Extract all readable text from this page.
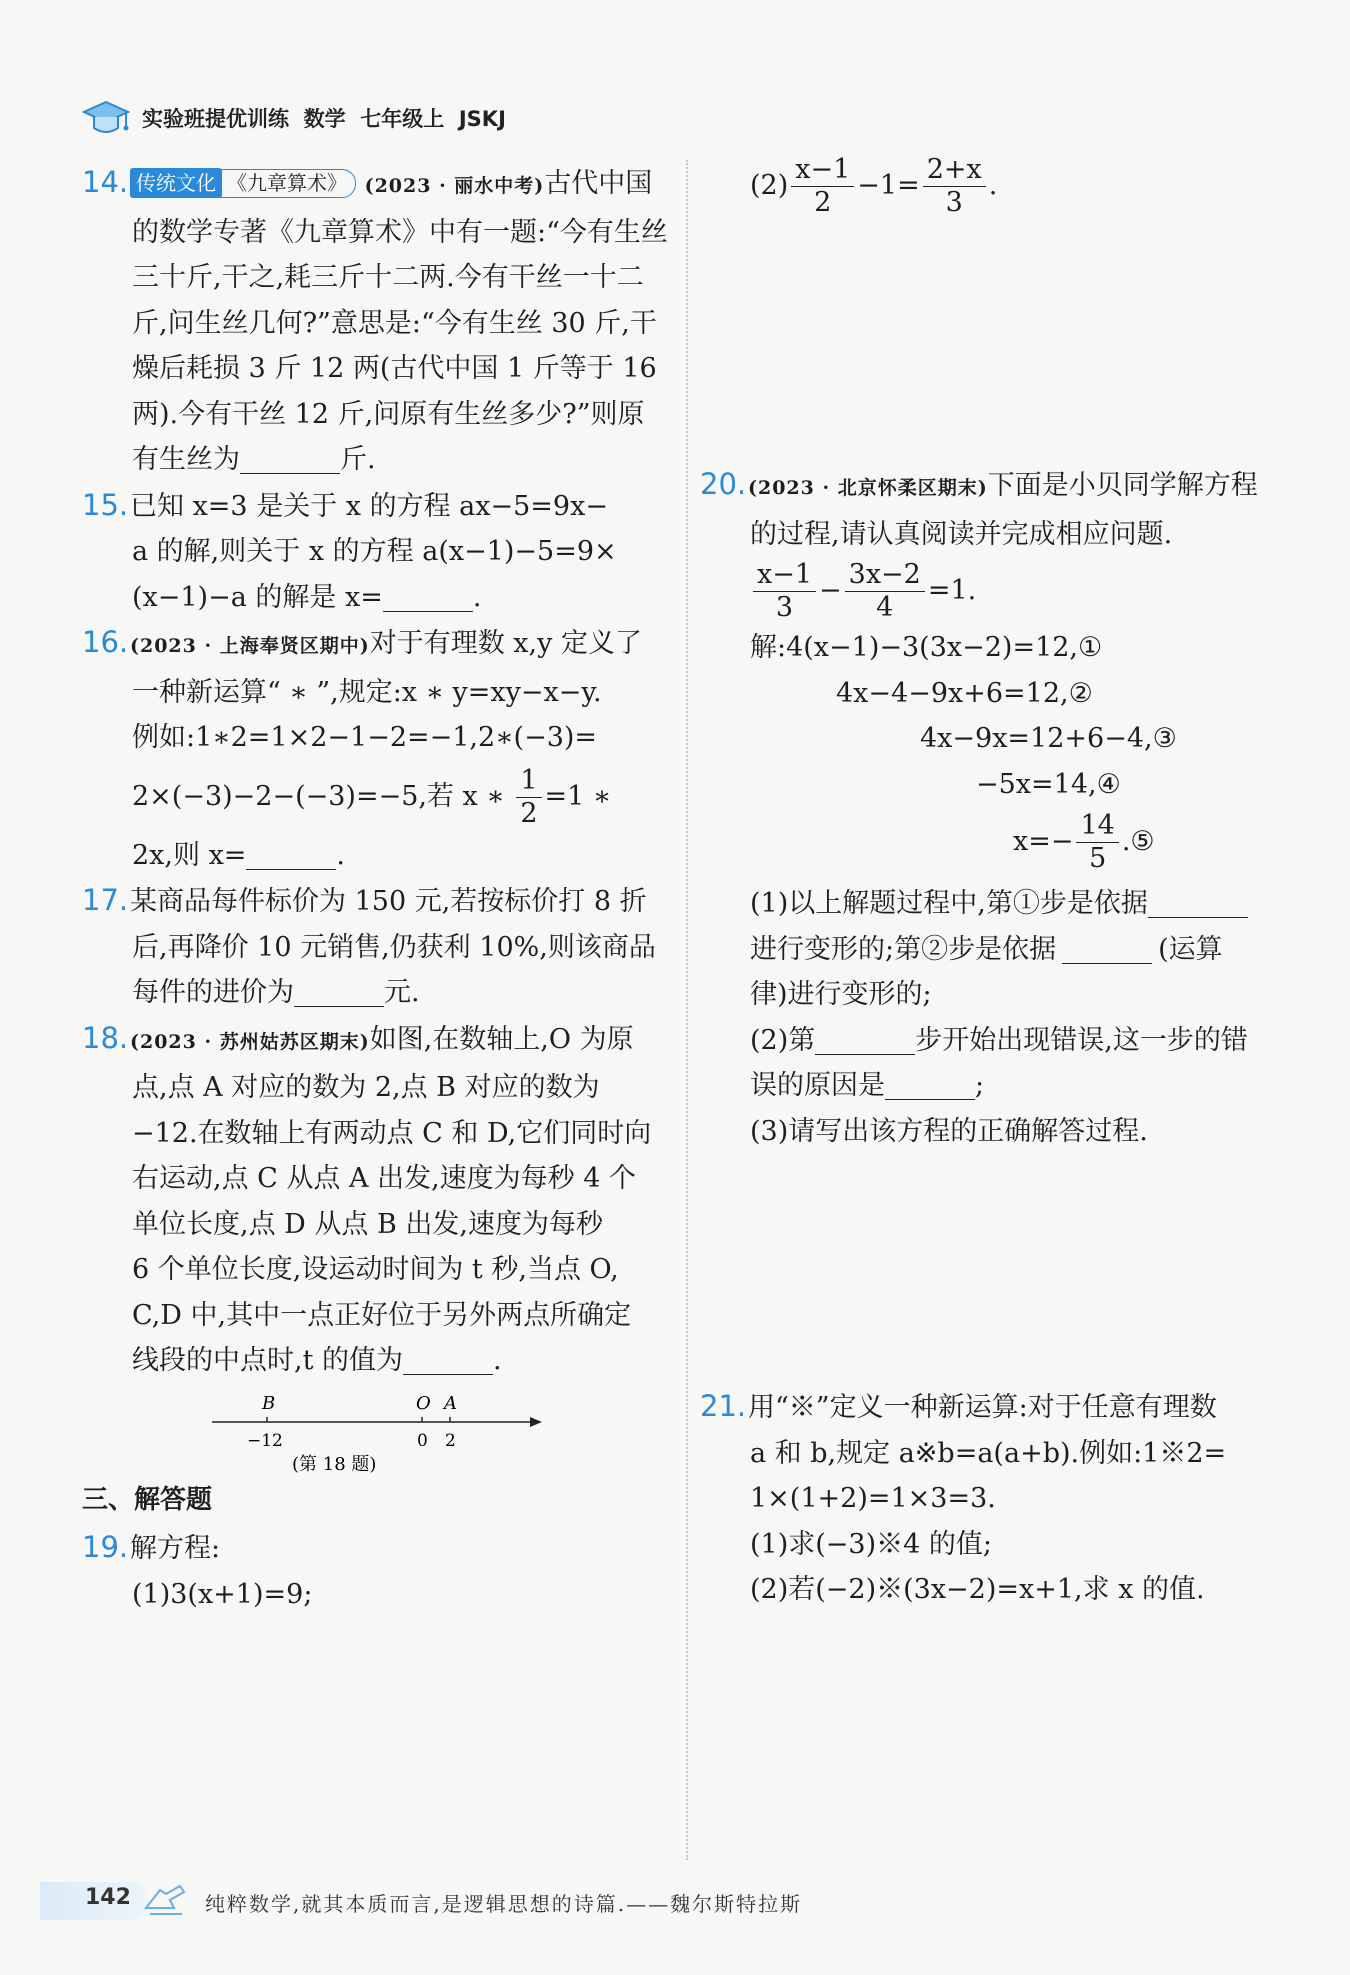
实验班提优训练  数学  七年级上  JSKJ

14. 传统文化 《九章算术》 (2023 · 丽水中考)古代中国

的数学专著《九章算术》中有一题:“今有生丝

三十斤,干之,耗三斤十二两.今有干丝一十二

斤,问生丝几何?”意思是:“今有生丝 30 斤,干

燥后耗损 3 斤 12 两(古代中国 1 斤等于 16

两).今有干丝 12 斤,问原有生丝多少?”则原

有生丝为	斤.

15.已知 x=3 是关于 x 的方程 ax−5=9x−

a 的解,则关于 x 的方程 a(x−1)−5=9×

(x−1)−a 的解是 x=	.

16.(2023 · 上海奉贤区期中)对于有理数 x,y 定义了

一种新运算“ ∗ ”,规定:x ∗ y=xy−x−y.

例如:1∗2=1×2−1−2=−1,2∗(−3)=

2×(−3)−2−(−3)=−5,若 x ∗ $\frac{1}{2} =1$ ∗

2x,则 x=	.

17.某商品每件标价为 150 元,若按标价打 8 折

后,再降价 10 元销售,仍获利 10%,则该商品

每件的进价为	元.

18.(2023 · 苏州姑苏区期末)如图,在数轴上,O 为原

点,点 A 对应的数为 2,点 B 对应的数为

−12.在数轴上有两动点 C 和 D,它们同时向

右运动,点 C 从点 A 出发,速度为每秒 4 个

单位长度,点 D 从点 B 出发,速度为每秒

6 个单位长度,设运动时间为 t 秒,当点 O,

C,D 中,其中一点正好位于另外两点所确定

线段的中点时,t 的值为	.

B
−12
O
0
A
2
(第 18 题)
三、解答题

19.解方程:

(1)3(x+1)=9;

$(2) \frac{x-1}{2} -1= \frac{2+x}{3}$ .

20.(2023 · 北京怀柔区期末)下面是小贝同学解方程

的过程,请认真阅读并完成相应问题.

$\frac{x-1}{3} - \frac{3x-2}{4} =1$.

解:4(x−1)−3(3x−2)=12,①

4x−4−9x+6=12,②

4x−9x=12+6−4,③

−5x=14,④

$x=- \frac{14}{5}$ .⑤

(1)以上解题过程中,第①步是依据

进行变形的;第②步是依据	(运算

律)进行变形的;

(2)第	步开始出现错误,这一步的错

误的原因是	;

(3)请写出该方程的正确解答过程.

21.用“※”定义一种新运算:对于任意有理数

a 和 b,规定 a※b=a(a+b).例如:1※2=

1×(1+2)=1×3=3.

(1)求(−3)※4 的值;

(2)若(−2)※(3x−2)=x+1,求 x 的值.

142	纯粹数学,就其本质而言,是逻辑思想的诗篇.——魏尔斯特拉斯
